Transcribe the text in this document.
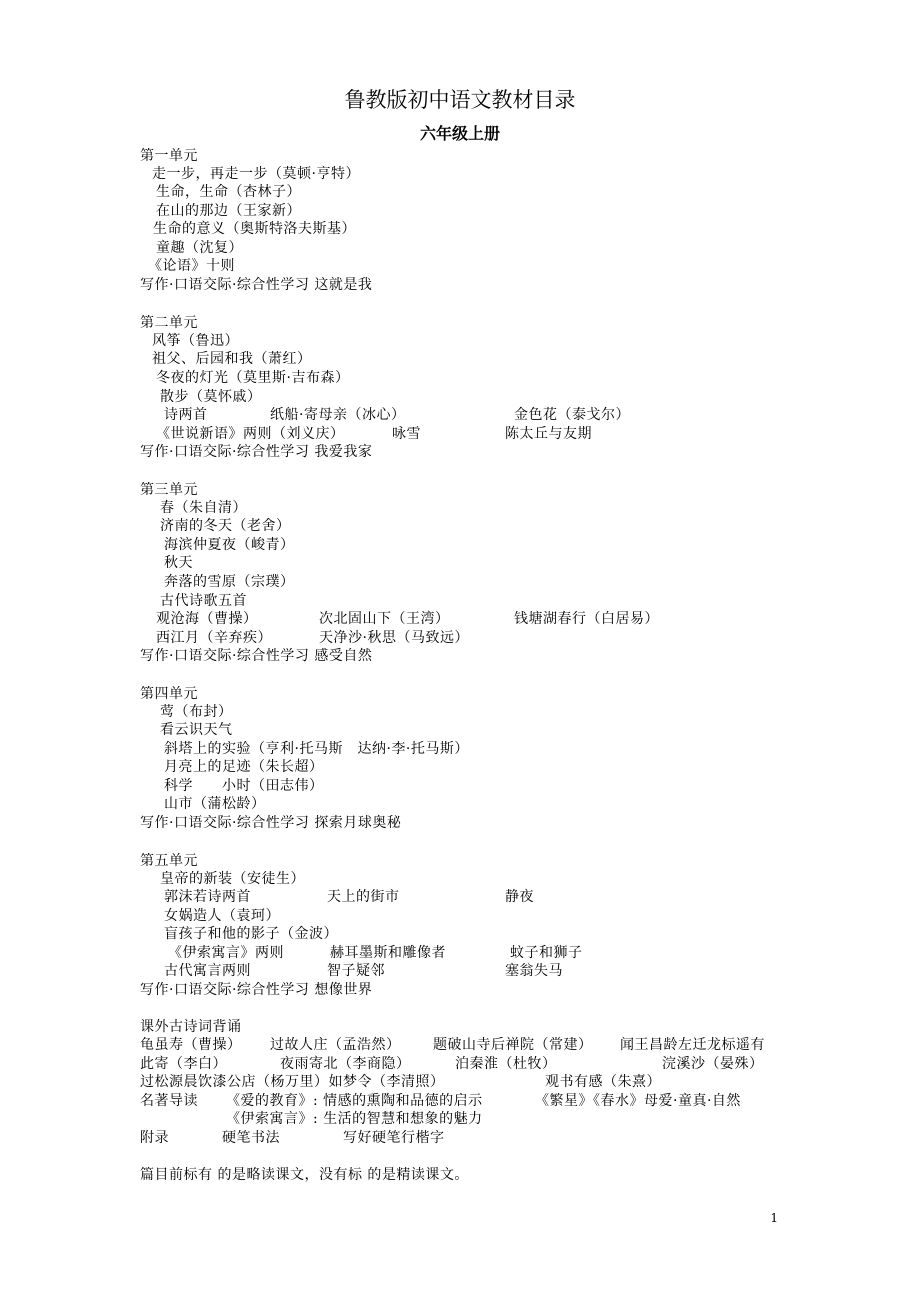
鲁教版初中语文教材目录
六年级上册
第一单元
走一步，再走一步（莫顿·亨特）
生命，生命（杏林子）
在山的那边（王家新）
生命的意义（奥斯特洛夫斯基）
童趣（沈复）
《论语》十则
写作·口语交际·综合性学习 这就是我
第二单元
风筝（鲁迅）
祖父、后园和我（萧红）
冬夜的灯光（莫里斯·吉布森）
散步（莫怀戚）
诗两首	纸船·寄母亲（冰心）	金色花（泰戈尔）
《世说新语》两则（刘义庆）	咏雪	陈太丘与友期
写作·口语交际·综合性学习 我爱我家
第三单元
春（朱自清）
济南的冬天（老舍）
海滨仲夏夜（峻青）
秋天
奔落的雪原（宗璞）
古代诗歌五首
观沧海（曹操）	次北固山下（王湾）	钱塘湖春行（白居易）
西江月（辛弃疾）	天净沙·秋思（马致远）
写作·口语交际·综合性学习 感受自然
第四单元
莺（布封）
看云识天气
斜塔上的实验（亨利·托马斯　达纳·李·托马斯）
月亮上的足迹（朱长超）
科学 小时（田志伟）
山市（蒲松龄）
写作·口语交际·综合性学习 探索月球奥秘
第五单元
皇帝的新装（安徒生）
郭沫若诗两首	天上的街市	静夜
女娲造人（袁珂）
盲孩子和他的影子（金波）
《伊索寓言》两则	赫耳墨斯和雕像者	蚊子和狮子
古代寓言两则	智子疑邻	塞翁失马
写作·口语交际·综合性学习 想像世界
课外古诗词背诵
龟虽寿（曹操） 过故人庄（孟浩然） 题破山寺后禅院（常建） 闻王昌龄左迁龙标遥有
此寄（李白）	夜雨寄北（李商隐）	泊秦淮（杜牧）	浣溪沙（晏殊）
过松源晨饮漆公店（杨万里）如梦令（李清照）	观书有感（朱熹）
名著导读 《爱的教育》: 情感的熏陶和品德的启示	《繁星》《春水》母爱·童真·自然
《伊索寓言》: 生活的智慧和想象的魅力
附录	硬笔书法	写好硬笔行楷字
篇目前标有 的是略读课文，没有标 的是精读课文。
1
